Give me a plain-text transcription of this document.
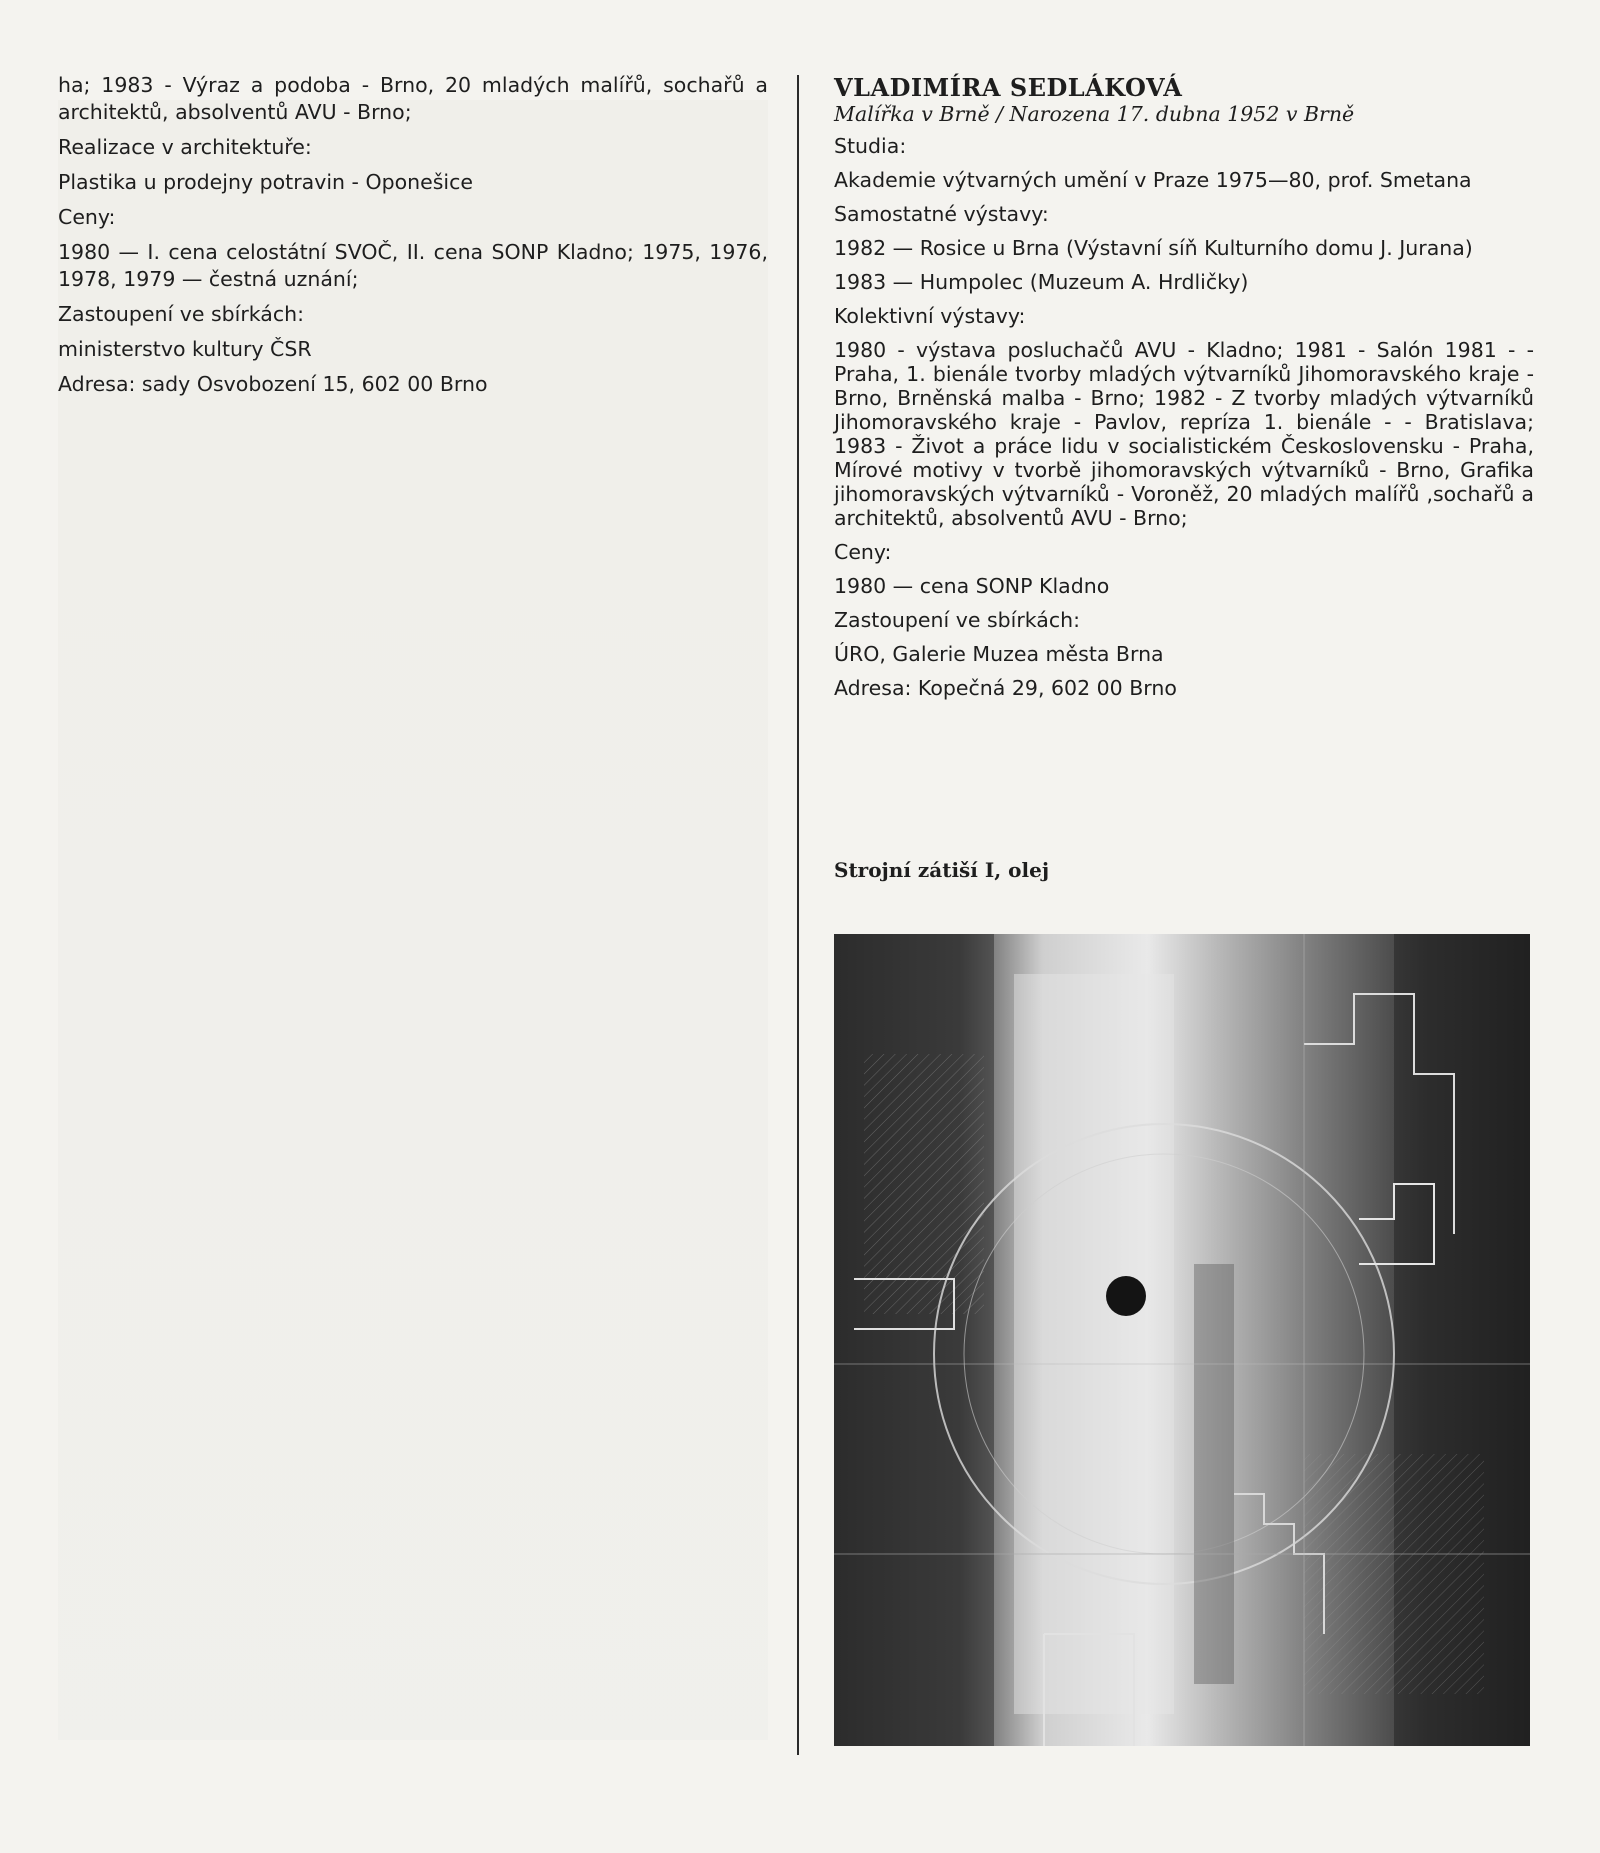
ha; 1983 - Výraz a podoba - Brno, 20 mladých malířů, sochařů a architektů, absolventů AVU - Brno;

Realizace v architektuře:

Plastika u prodejny potravin - Oponešice

Ceny:

1980 — I. cena celostátní SVOČ, II. cena SONP Kladno; 1975, 1976, 1978, 1979 — čestná uznání;

Zastoupení ve sbírkách:

ministerstvo kultury ČSR

Adresa: sady Osvobození 15, 602 00 Brno

VLADIMÍRA SEDLÁKOVÁ

Malířka v Brně / Narozena 17. dubna 1952 v Brně

Studia:

Akademie výtvarných umění v Praze 1975—80, prof. Smetana

Samostatné výstavy:

1982 — Rosice u Brna (Výstavní síň Kulturního domu J. Jurana)

1983 — Humpolec (Muzeum A. Hrdličky)

Kolektivní výstavy:

1980 - výstava posluchačů AVU - Kladno; 1981 - Salón 1981 - - Praha, 1. bienále tvorby mladých výtvarníků Jihomoravského kraje - Brno, Brněnská malba - Brno; 1982 - Z tvorby mladých výtvarníků Jihomoravského kraje - Pavlov, repríza 1. bienále - - Bratislava; 1983 - Život a práce lidu v socialistickém Československu - Praha, Mírové motivy v tvorbě jihomoravských výtvarníků - Brno, Grafika jihomoravských výtvarníků - Voroněž, 20 mladých malířů ,sochařů a architektů, absolventů AVU - Brno;

Ceny:

1980 — cena SONP Kladno

Zastoupení ve sbírkách:

ÚRO, Galerie Muzea města Brna

Adresa: Kopečná 29, 602 00 Brno

Strojní zátiší I, olej
